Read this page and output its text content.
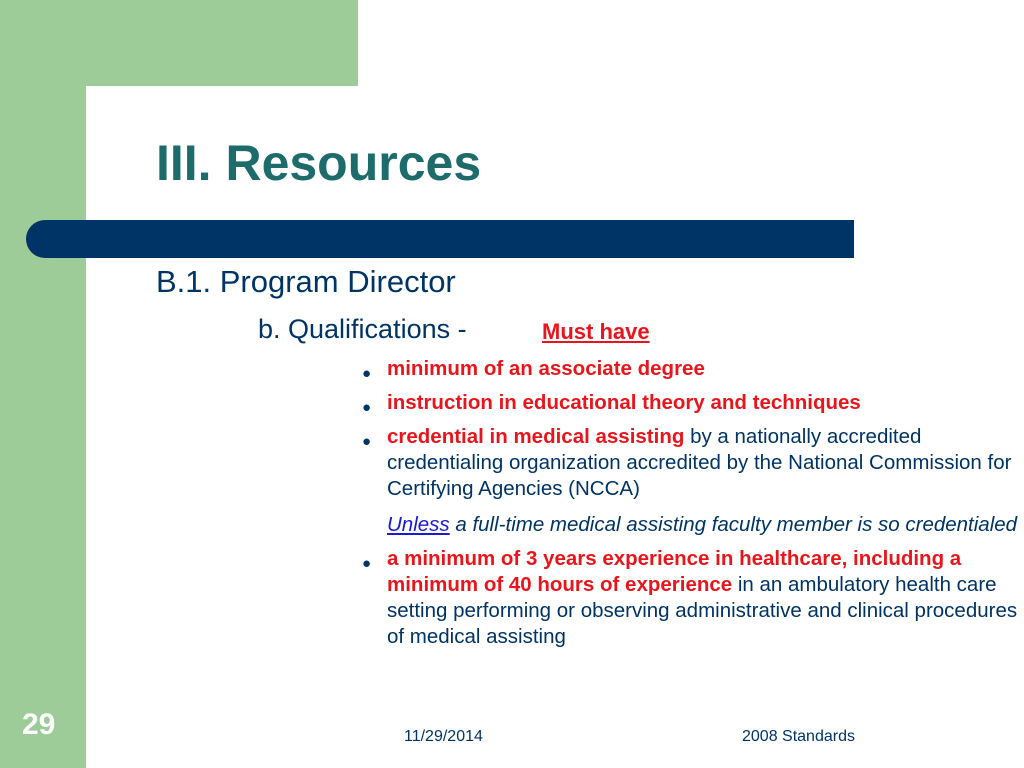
III. Resources
B.1. Program Director
b. Qualifications -	Must have
● minimum of an associate degree
● instruction in educational theory and techniques
● credential in medical assisting by a nationally accredited credentialing organization accredited by the National Commission for Certifying Agencies (NCCA)
Unless a full-time medical assisting faculty member is so credentialed
● a minimum of 3 years experience in healthcare, including a minimum of 40 hours of experience in an ambulatory health care setting performing or observing administrative and clinical procedures of medical assisting
29	11/29/2014	2008 Standards
